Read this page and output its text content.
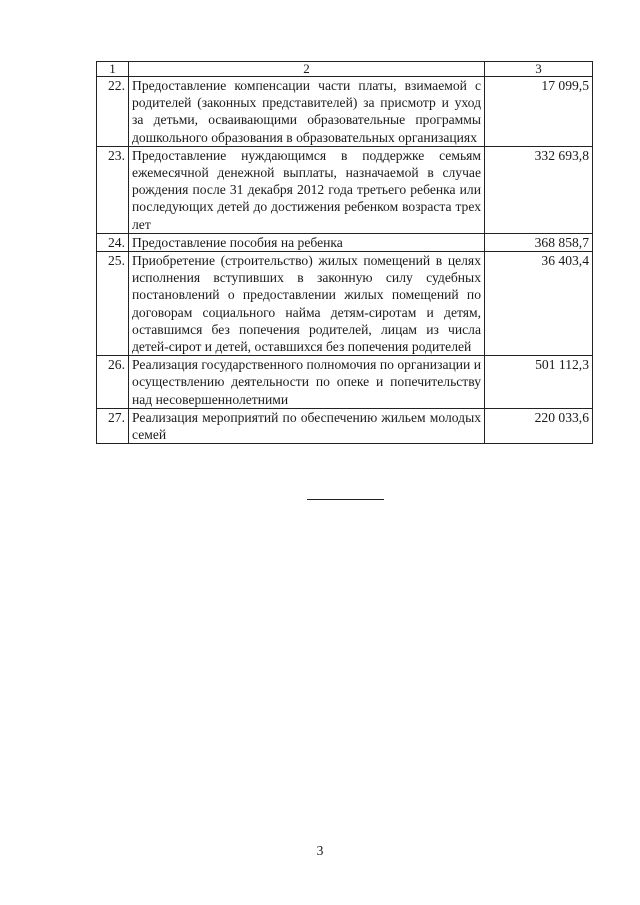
1	2	3
22.	Предоставление компенсации части платы, взимаемой с родителей (законных представителей) за присмотр и уход за детьми, осваивающими образовательные программы дошкольного образования в образовательных организациях	17 099,5
23.	Предоставление нуждающимся в поддержке семьям ежемесячной денежной выплаты, назначаемой в случае рождения после 31 декабря 2012 года третьего ребенка или последующих детей до достижения ребенком возраста трех лет	332 693,8
24.	Предоставление пособия на ребенка	368 858,7
25.	Приобретение (строительство) жилых помещений в целях исполнения вступивших в законную силу судебных постановлений о предоставлении жилых помещений по договорам социального найма детям-сиротам и детям, оставшимся без попечения родителей, лицам из числа детей-сирот и детей, оставшихся без попечения родителей	36 403,4
26.	Реализация государственного полномочия по организации и осуществлению деятельности по опеке и попечительству над несовершеннолетними	501 112,3
27.	Реализация мероприятий по обеспечению жильем молодых семей	220 033,6
3
